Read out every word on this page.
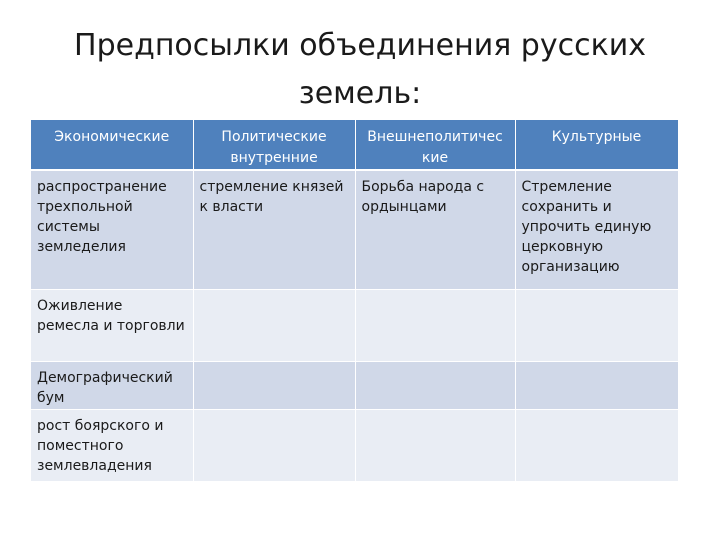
Предпосылки объединения русских
земель:
Экономические	Политические внутренние	Внешнеполитичес кие	Культурные
распространение трехпольной системы земледелия	стремление князей к власти	Борьба народа с ордынцами	Стремление сохранить и упрочить единую церковную организацию
Оживление ремесла и торговли			
Демографический бум			
рост боярского и поместного землевладения			
